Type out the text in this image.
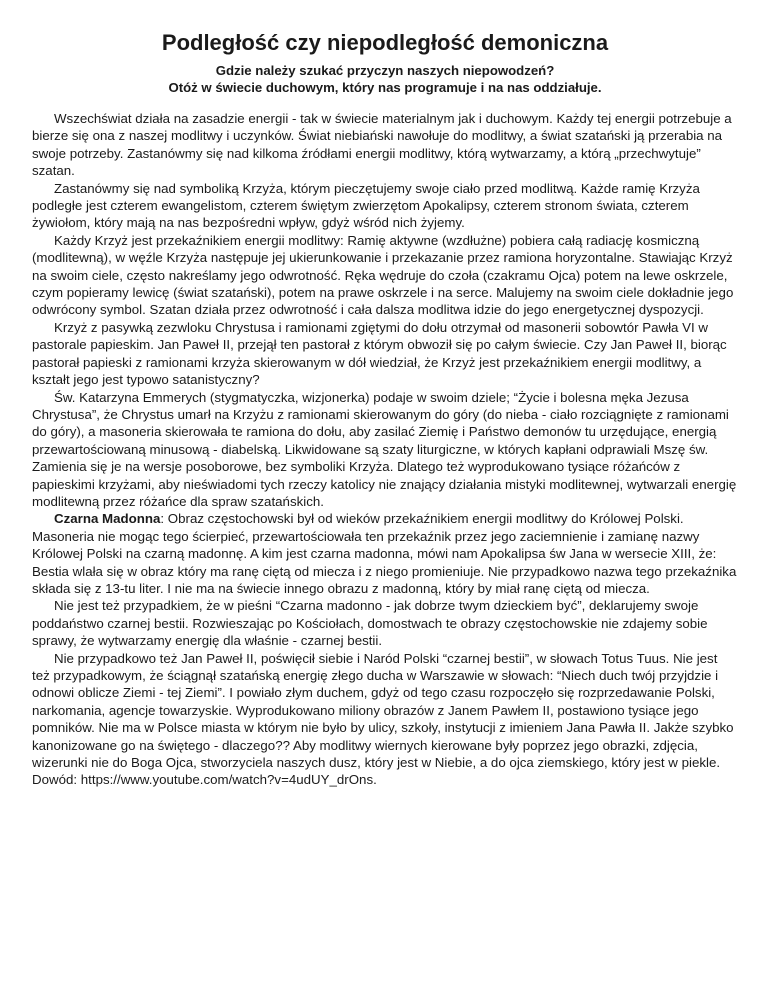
Podległość czy niepodległość demoniczna

Gdzie należy szukać przyczyn naszych niepowodzeń?

Otóż w świecie duchowym, który nas programuje i na nas oddziałuje.

Wszechświat działa na zasadzie energii - tak w świecie materialnym jak i duchowym. Każdy tej energii potrzebuje a bierze się ona z naszej modlitwy i uczynków. Świat niebiański nawołuje do modlitwy, a świat szatański ją przerabia na swoje potrzeby. Zastanówmy się nad kilkoma źródłami energii modlitwy, którą wytwarzamy, a którą „przechwytuje” szatan.

Zastanówmy się nad symboliką Krzyża, którym pieczętujemy swoje ciało przed modlitwą. Każde ramię Krzyża podległe jest czterem ewangelistom, czterem świętym zwierzętom Apokalipsy, czterem stronom świata, czterem żywiołom, który mają na nas bezpośredni wpływ, gdyż wśród nich żyjemy.

Każdy Krzyż jest przekaźnikiem energii modlitwy: Ramię aktywne (wzdłużne) pobiera całą radiację kosmiczną (modlitewną), w węźle Krzyża następuje jej ukierunkowanie i przekazanie przez ramiona horyzontalne. Stawiając Krzyż na swoim ciele, często nakreślamy jego odwrotność. Ręka wędruje do czoła (czakramu Ojca) potem na lewe oskrzele, czym popieramy lewicę (świat szatański), potem na prawe oskrzele i na serce. Malujemy na swoim ciele dokładnie jego odwrócony symbol. Szatan działa przez odwrotność i cała dalsza modlitwa idzie do jego energetycznej dyspozycji.

Krzyż z pasywką zezwloku Chrystusa i ramionami zgiętymi do dołu otrzymał od masonerii sobowtór Pawła VI w pastorale papieskim. Jan Paweł II, przejął ten pastorał z którym obwoził się po całym świecie. Czy Jan Paweł II, biorąc pastorał papieski z ramionami krzyża skierowanym w dół wiedział, że Krzyż jest przekaźnikiem energii modlitwy, a kształt jego jest typowo satanistyczny?

Św. Katarzyna Emmerych (stygmatyczka, wizjonerka) podaje w swoim dziele; “Życie i bolesna męka Jezusa Chrystusa”, że Chrystus umarł na Krzyżu z ramionami skierowanym do góry (do nieba - ciało rozciągnięte z ramionami do góry), a masoneria skierowała te ramiona do dołu, aby zasilać Ziemię i Państwo demonów tu urzędujące, energią przewartościowaną minusową - diabelską. Likwidowane są szaty liturgiczne, w których kapłani odprawiali Mszę św. Zamienia się je na wersje posoborowe, bez symboliki Krzyża. Dlatego też wyprodukowano tysiące różańców z papieskimi krzyżami, aby nieświadomi tych rzeczy katolicy nie znający działania mistyki modlitewnej, wytwarzali energię modlitewną przez różańce dla spraw szatańskich.

Czarna Madonna: Obraz częstochowski był od wieków przekaźnikiem energii modlitwy do Królowej Polski. Masoneria nie mogąc tego ścierpieć, przewartościowała ten przekaźnik przez jego zaciemnienie i zamianę nazwy Królowej Polski na czarną madonnę. A kim jest czarna madonna, mówi nam Apokalipsa św Jana w wersecie XIII, że: Bestia wlała się w obraz który ma ranę ciętą od miecza i z niego promieniuje. Nie przypadkowo nazwa tego przekaźnika składa się z 13-tu liter. I nie ma na świecie innego obrazu z madonną, który by miał ranę ciętą od miecza.

Nie jest też przypadkiem, że w pieśni “Czarna madonno - jak dobrze twym dzieckiem być”, deklarujemy swoje poddaństwo czarnej bestii. Rozwieszając po Kościołach, domostwach te obrazy częstochowskie nie zdajemy sobie sprawy, że wytwarzamy energię dla właśnie - czarnej bestii.

Nie przypadkowo też Jan Paweł II, poświęcił siebie i Naród Polski “czarnej bestii”, w słowach Totus Tuus. Nie jest też przypadkowym, że ściągnął szatańską energię złego ducha w Warszawie w słowach: “Niech duch twój przyjdzie i odnowi oblicze Ziemi - tej Ziemi”. I powiało złym duchem, gdyż od tego czasu rozpoczęło się rozprzedawanie Polski, narkomania, agencje towarzyskie. Wyprodukowano miliony obrazów z Janem Pawłem II, postawiono tysiące jego pomników. Nie ma w Polsce miasta w którym nie było by ulicy, szkoły, instytucji z imieniem Jana Pawła II. Jakże szybko kanonizowane go na świętego - dlaczego?? Aby modlitwy wiernych kierowane były poprzez jego obrazki, zdjęcia, wizerunki nie do Boga Ojca, stworzyciela naszych dusz, który jest w Niebie, a do ojca ziemskiego, który jest w piekle. Dowód: https://www.youtube.com/watch?v=4udUY_drOns.
